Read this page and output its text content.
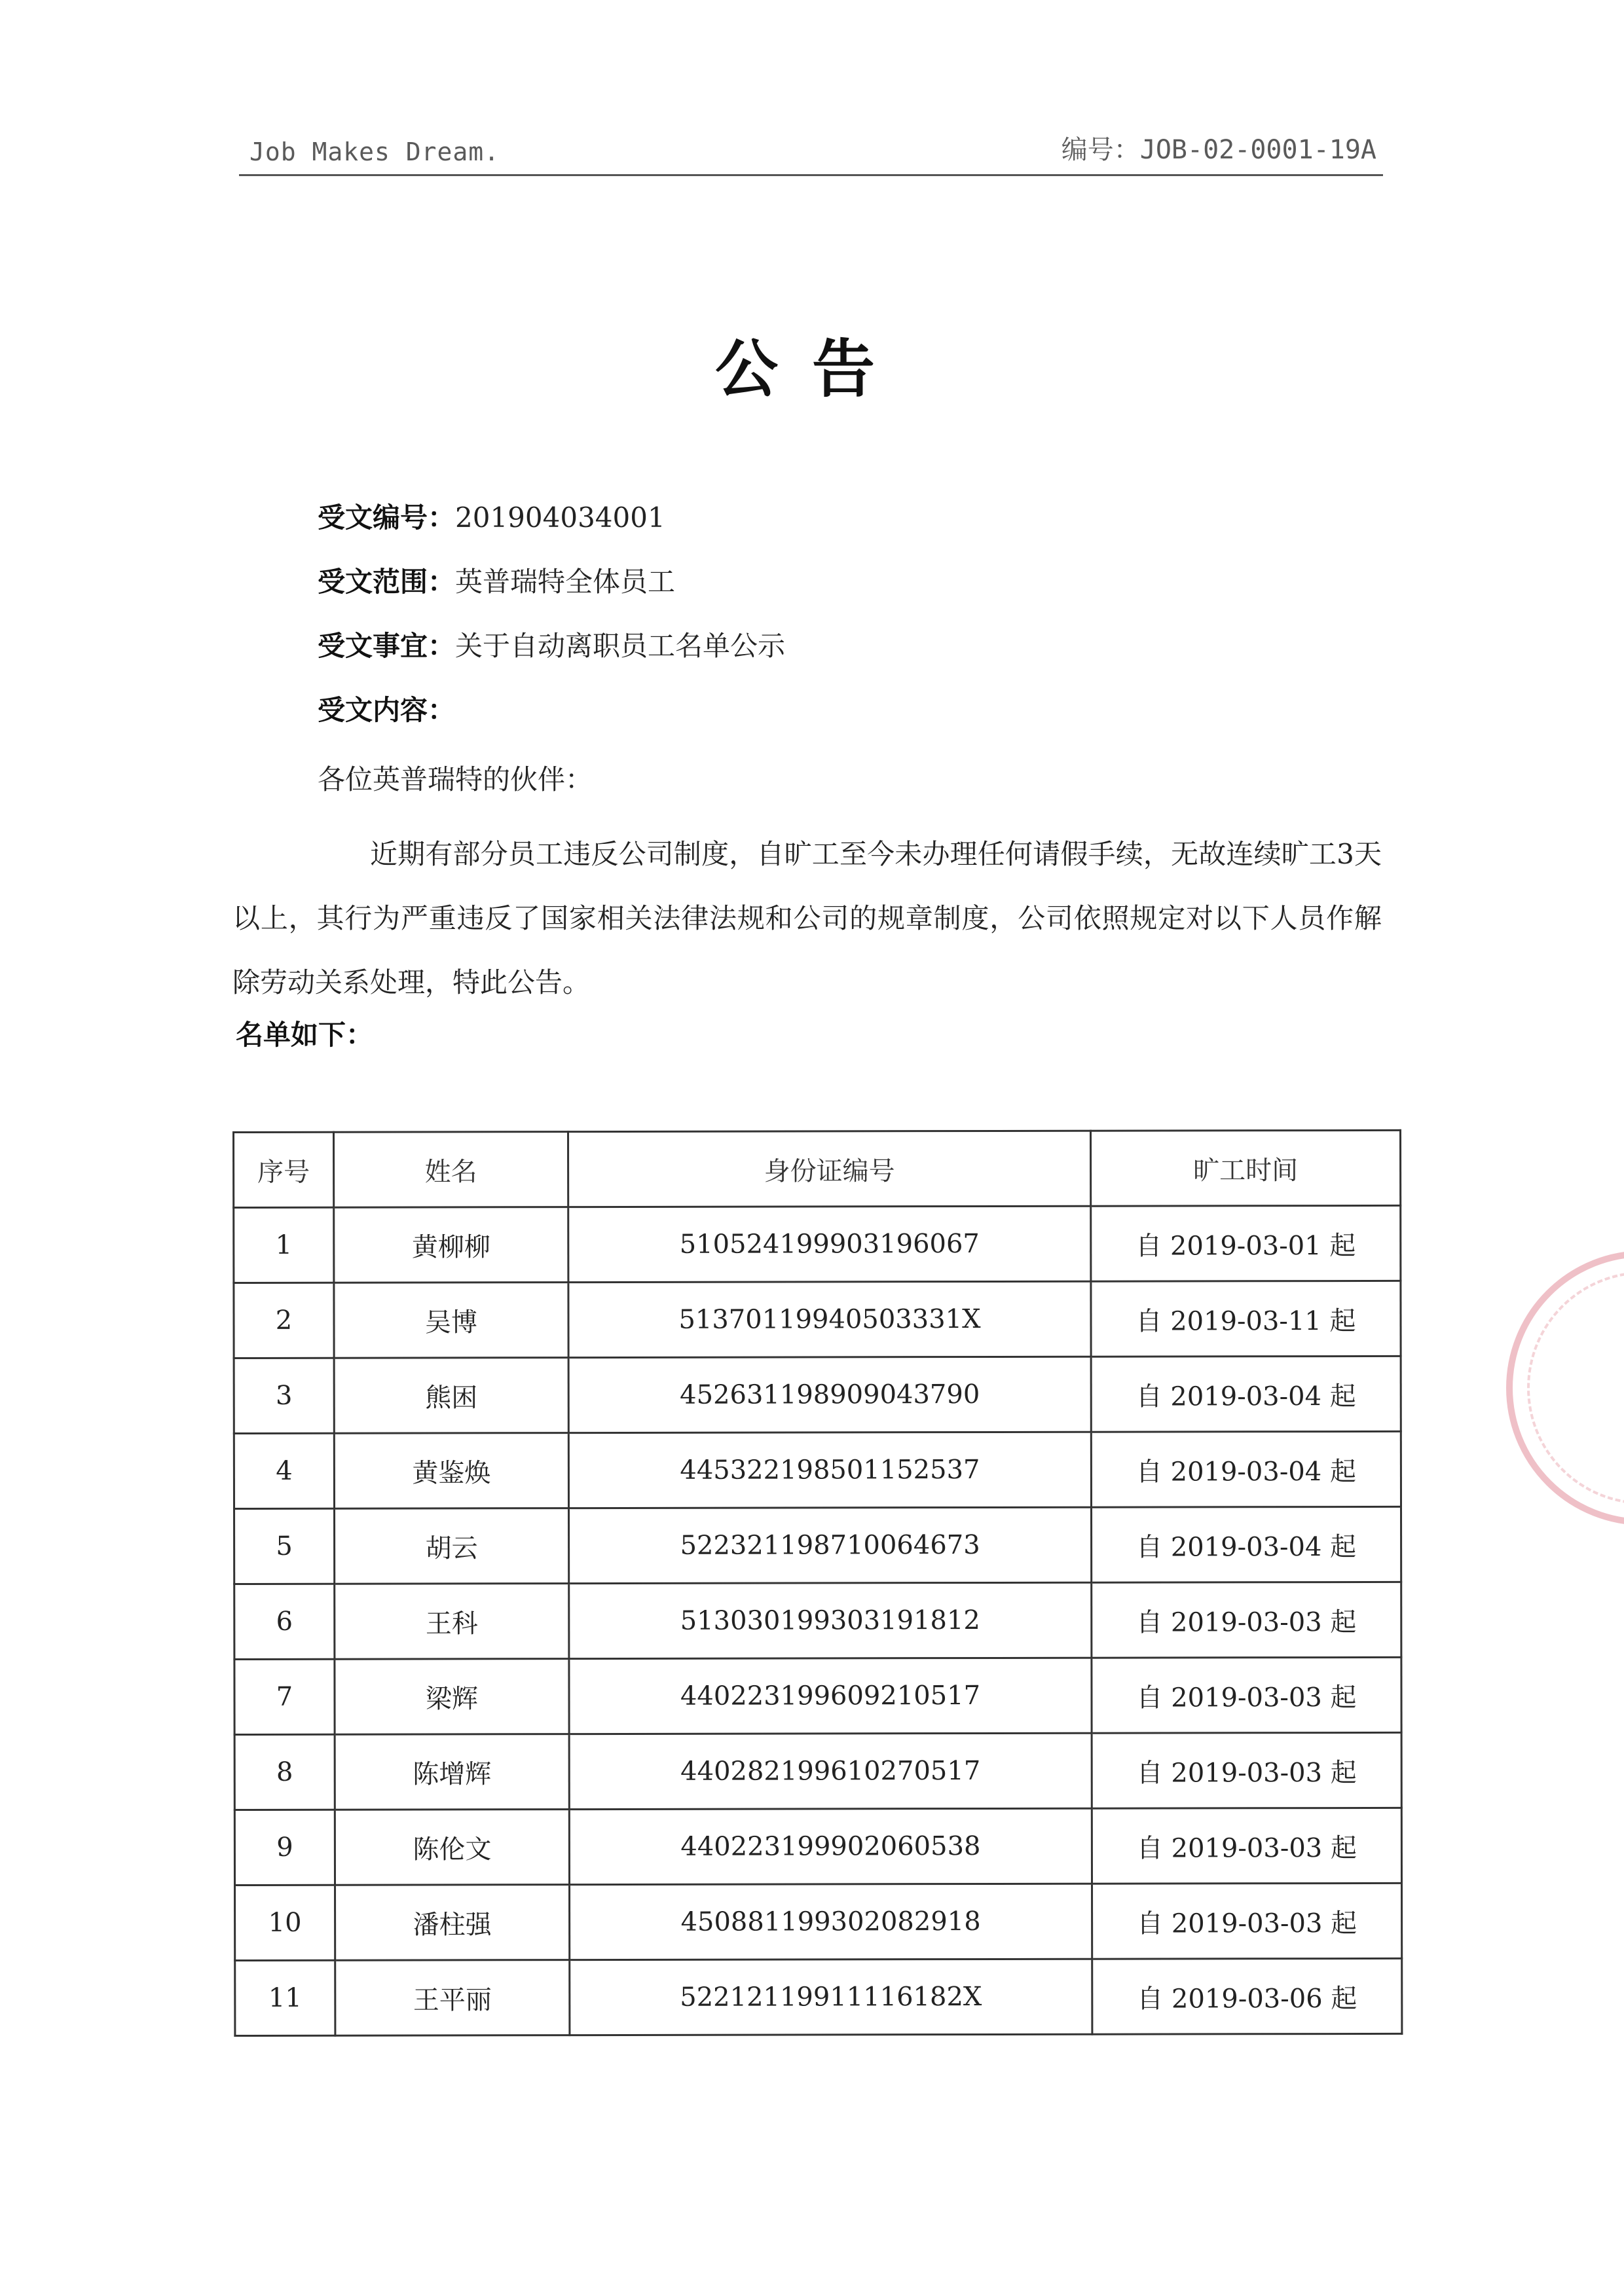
Job Makes Dream.	编号：JOB-02-0001-19A
公告
受文编号：201904034001
受文范围：英普瑞特全体员工
受文事宜：关于自动离职员工名单公示
受文内容：
各位英普瑞特的伙伴：
近期有部分员工违反公司制度，自旷工至今未办理任何请假手续，无故连续旷工3天以上，其行为严重违反了国家相关法律法规和公司的规章制度，公司依照规定对以下人员作解除劳动关系处理，特此公告。
名单如下：
序号	姓名	身份证编号	旷工时间
1	黄柳柳	510524199903196067	自 2019-03-01 起
2	吴博	51370119940503331X	自 2019-03-11 起
3	熊困	452631198909043790	自 2019-03-04 起
4	黄鉴焕	445322198501152537	自 2019-03-04 起
5	胡云	522321198710064673	自 2019-03-04 起
6	王科	513030199303191812	自 2019-03-03 起
7	梁辉	440223199609210517	自 2019-03-03 起
8	陈增辉	440282199610270517	自 2019-03-03 起
9	陈伦文	440223199902060538	自 2019-03-03 起
10	潘柱强	450881199302082918	自 2019-03-03 起
11	王平丽	52212119911116182X	自 2019-03-06 起
